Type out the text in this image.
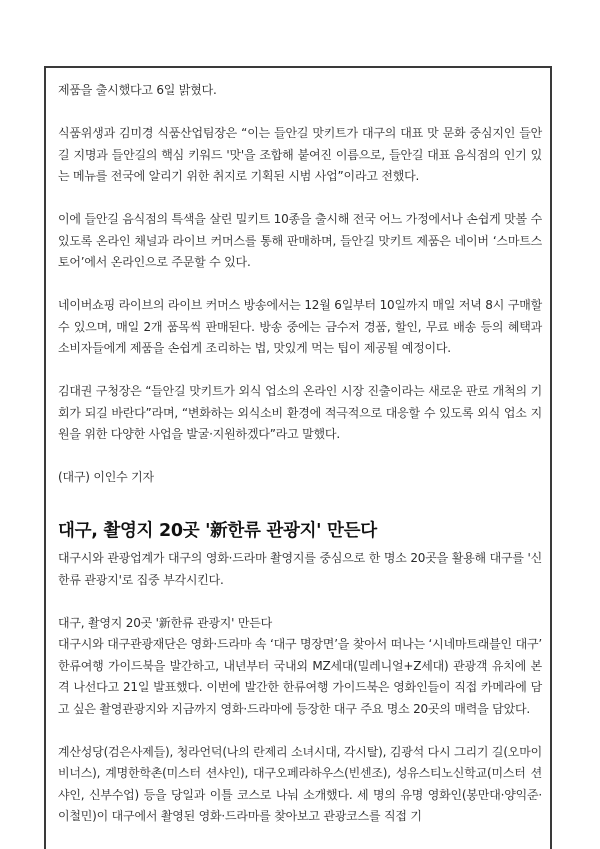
제품을 출시했다고 6일 밝혔다.

식품위생과 김미경 식품산업팀장은 “이는 들안길 맛키트가 대구의 대표 맛 문화 중심지인 들안길 지명과 들안길의 핵심 키워드 '맛'을 조합해 붙여진 이름으로, 들안길 대표 음식점의 인기 있는 메뉴를 전국에 알리기 위한 취지로 기획된 시범 사업”이라고 전했다.

이에 들안길 음식점의 특색을 살린 밀키트 10종을 출시해 전국 어느 가정에서나 손쉽게 맛볼 수 있도록 온라인 채널과 라이브 커머스를 통해 판매하며, 들안길 맛키트 제품은 네이버 ‘스마트스토어’에서 온라인으로 주문할 수 있다.

네이버쇼핑 라이브의 라이브 커머스 방송에서는 12월 6일부터 10일까지 매일 저녁 8시 구매할 수 있으며, 매일 2개 품목씩 판매된다. 방송 중에는 금수저 경품, 할인, 무료 배송 등의 혜택과 소비자들에게 제품을 손쉽게 조리하는 법, 맛있게 먹는 팁이 제공될 예정이다.

김대권 구청장은 “들안길 맛키트가 외식 업소의 온라인 시장 진출이라는 새로운 판로 개척의 기회가 되길 바란다”라며, “변화하는 외식소비 환경에 적극적으로 대응할 수 있도록 외식 업소 지원을 위한 다양한 사업을 발굴·지원하겠다”라고 말했다.

(대구) 이인수 기자

대구, 촬영지 20곳 '新한류 관광지' 만든다

대구시와 관광업계가 대구의 영화·드라마 촬영지를 중심으로 한 명소 20곳을 활용해 대구를 '신 한류 관광지'로 집중 부각시킨다.

대구, 촬영지 20곳 '新한류 관광지' 만든다

대구시와 대구관광재단은 영화·드라마 속 ‘대구 명장면’을 찾아서 떠나는 ‘시네마트래블인 대구’ 한류여행 가이드북을 발간하고, 내년부터 국내외 MZ세대(밀레니얼+Z세대) 관광객 유치에 본격 나선다고 21일 발표했다. 이번에 발간한 한류여행 가이드북은 영화인들이 직접 카메라에 담고 싶은 촬영관광지와 지금까지 영화·드라마에 등장한 대구 주요 명소 20곳의 매력을 담았다.

계산성당(검은사제들), 청라언덕(나의 란제리 소녀시대, 각시탈), 김광석 다시 그리기 길(오마이비너스), 계명한학촌(미스터 션샤인), 대구오페라하우스(빈센조), 성유스티노신학교(미스터 션샤인, 신부수업) 등을 당일과 이틀 코스로 나눠 소개했다. 세 명의 유명 영화인(봉만대·양익준·이철민)이 대구에서 촬영된 영화·드라마를 찾아보고 관광코스를 직접 기
